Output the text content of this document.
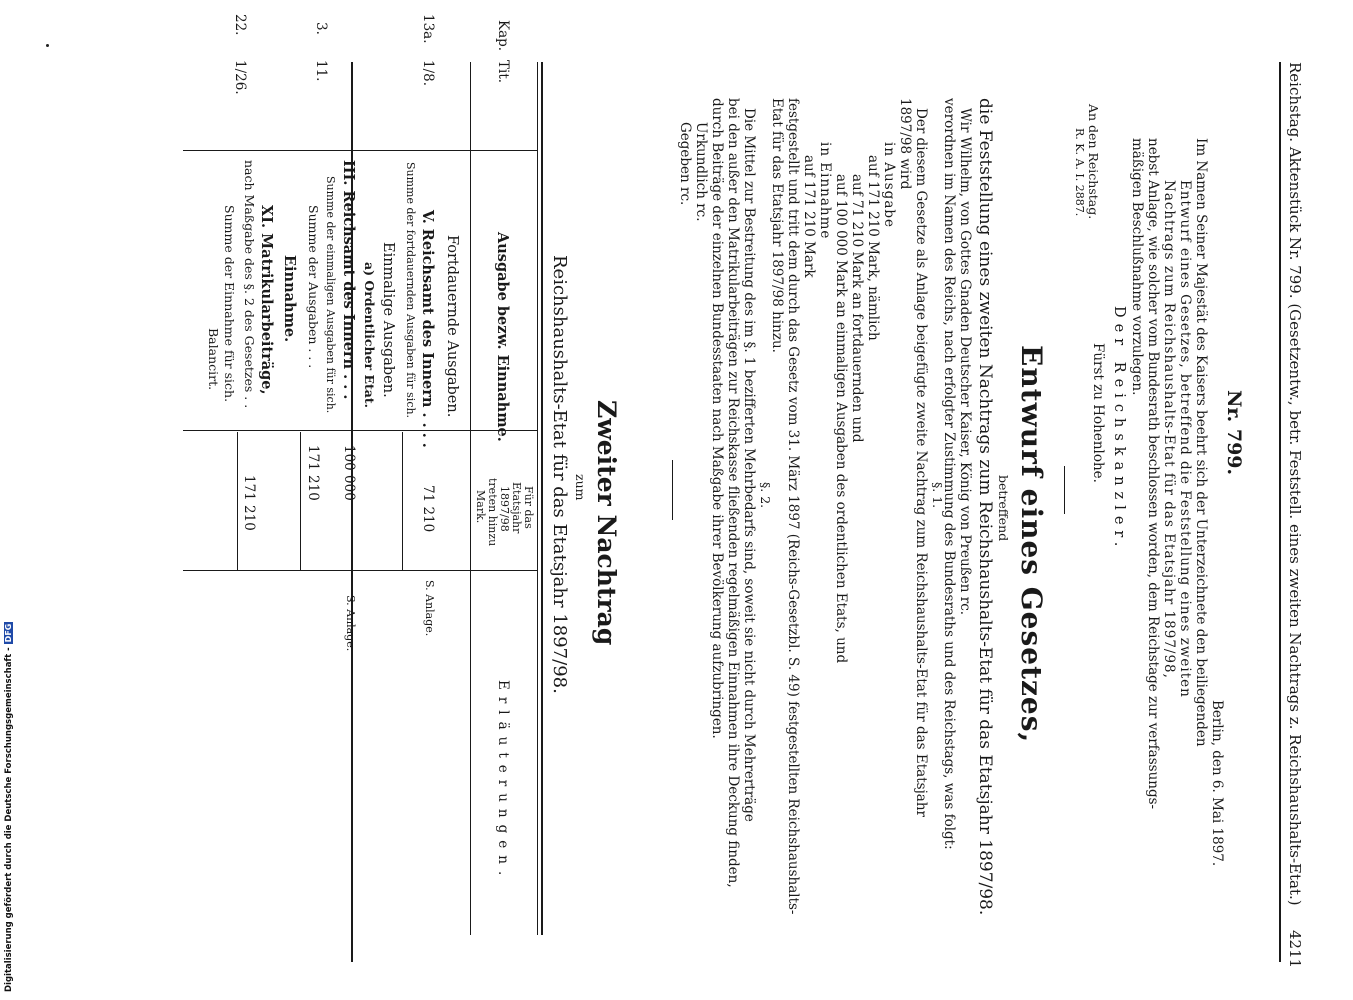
Reichstag. Aktenstück Nr. 799. (Gesetzentw., betr. Feststell. eines zweiten Nachtrags z. Reichshaushalts-Etat.)
4211
Nr. 799.
Berlin, den 6. Mai 1897.
Im Namen Seiner Majestät des Kaisers beehrt sich der Unterzeichnete den beiliegenden
Entwurf eines Gesetzes, betreffend die Feststellung eines zweiten
Nachtrags zum Reichshaushalts-Etat für das Etatsjahr 1897/98,
nebst Anlage, wie solcher vom Bundesrath beschlossen worden, dem Reichstage zur verfassungs-
mäßigen Beschlußnahme vorzulegen.
Der Reichskanzler.
Fürst zu Hohenlohe.
An den Reichstag.
R. K. A. I. 2887.
Entwurf eines Gesetzes,
betreffend
die Feststellung eines zweiten Nachtrags zum Reichshaushalts-Etat für das Etatsjahr 1897/98.
Wir Wilhelm, von Gottes Gnaden Deutscher Kaiser, König von Preußen rc.
verordnen im Namen des Reichs, nach erfolgter Zustimmung des Bundesraths und des Reichstags, was folgt:
§. 1.
Der diesem Gesetze als Anlage beigefügte zweite Nachtrag zum Reichshaushalts-Etat für das Etatsjahr
1897/98 wird
in Ausgabe
auf 171 210 Mark, nämlich
auf 71 210 Mark an fortdauernden und
auf 100 000 Mark an einmaligen Ausgaben des ordentlichen Etats, und
in Einnahme
auf 171 210 Mark
festgestellt und tritt dem durch das Gesetz vom 31. März 1897 (Reichs-Gesetzbl. S. 49) festgestellten Reichshaushalts-
Etat für das Etatsjahr 1897/98 hinzu.
§. 2.
Die Mittel zur Bestreitung des im §. 1 bezifferten Mehrbedarfs sind, soweit sie nicht durch Mehrerträge
bei den außer den Matrikularbeiträgen zur Reichskasse fließenden regelmäßigen Einnahmen ihre Deckung finden,
durch Beiträge der einzelnen Bundesstaaten nach Maßgabe ihrer Bevölkerung aufzubringen.
Urkundlich rc.
Gegeben rc.
Zweiter Nachtrag
zum
Reichshaushalts-Etat für das Etatsjahr 1897/98.
Kap.
Tit.
Ausgabe bezw. Einnahme.
Für das
Etatsjahr
1897/98
treten hinzu
Mark.
Erläuterungen.
Fortdauernde Ausgaben.
13a.
1/8.
V. Reichsamt des Innern . . . .
71 210
S. Anlage.
Summe der fortdauernden Ausgaben für sich.
Einmalige Ausgaben.
a) Ordentlicher Etat.
3.
11.
III. Reichsamt des Innern . . .
100 000
S. Anlage.
Summe der einmaligen Ausgaben für sich.
Summe der Ausgaben . . .
171 210
Einnahme.
22.
1/26.
XI. Matrikularbeiträge,
nach Maßgabe des §. 2 des Gesetzes . .
171 210
Summe der Einnahme für sich.
Balancirt.
Digitalisierung gefördert durch die Deutsche Forschungsgemeinschaft -DFG
